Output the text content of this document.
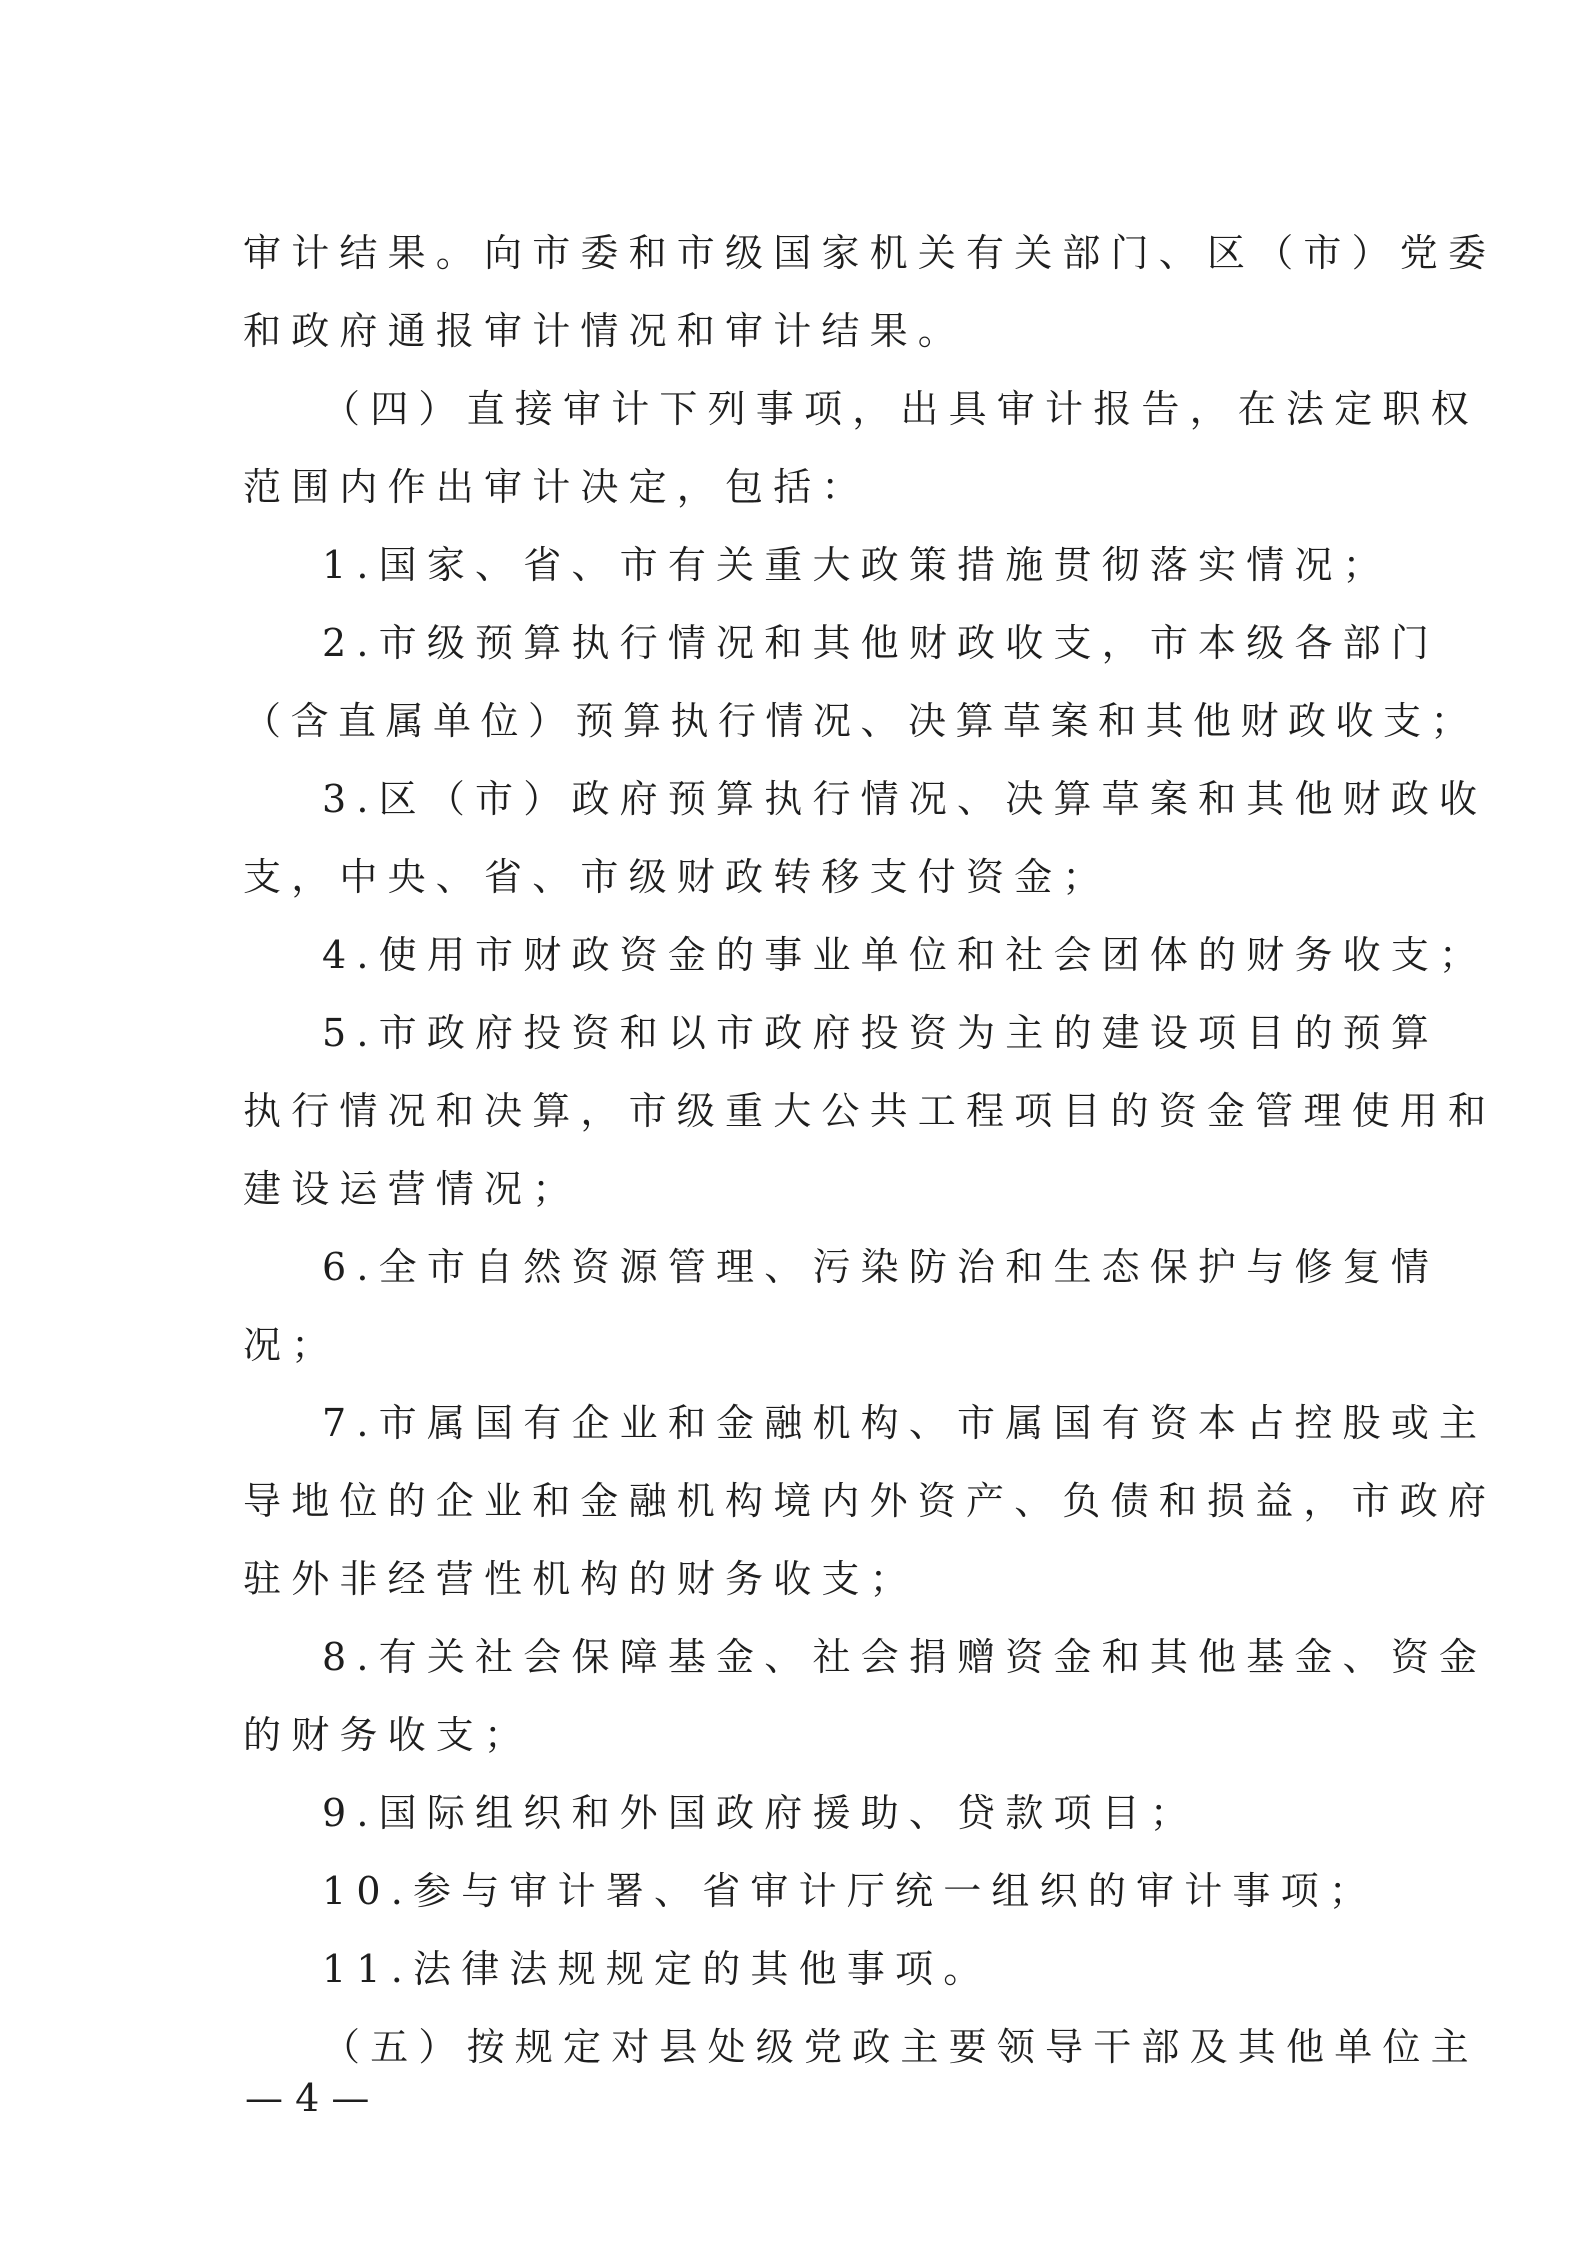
审计结果。向市委和市级国家机关有关部门、区（市）党委
和政府通报审计情况和审计结果。
（四）直接审计下列事项，出具审计报告，在法定职权
范围内作出审计决定，包括：
1.国家、省、市有关重大政策措施贯彻落实情况；
2.市级预算执行情况和其他财政收支，市本级各部门
（含直属单位）预算执行情况、决算草案和其他财政收支；
3.区（市）政府预算执行情况、决算草案和其他财政收
支，中央、省、市级财政转移支付资金；
4.使用市财政资金的事业单位和社会团体的财务收支；
5.市政府投资和以市政府投资为主的建设项目的预算
执行情况和决算，市级重大公共工程项目的资金管理使用和
建设运营情况；
6.全市自然资源管理、污染防治和生态保护与修复情
况；
7.市属国有企业和金融机构、市属国有资本占控股或主
导地位的企业和金融机构境内外资产、负债和损益，市政府
驻外非经营性机构的财务收支；
8.有关社会保障基金、社会捐赠资金和其他基金、资金
的财务收支；
9.国际组织和外国政府援助、贷款项目；
10.参与审计署、省审计厅统一组织的审计事项；
11.法律法规规定的其他事项。
（五）按规定对县处级党政主要领导干部及其他单位主
— 4 —
